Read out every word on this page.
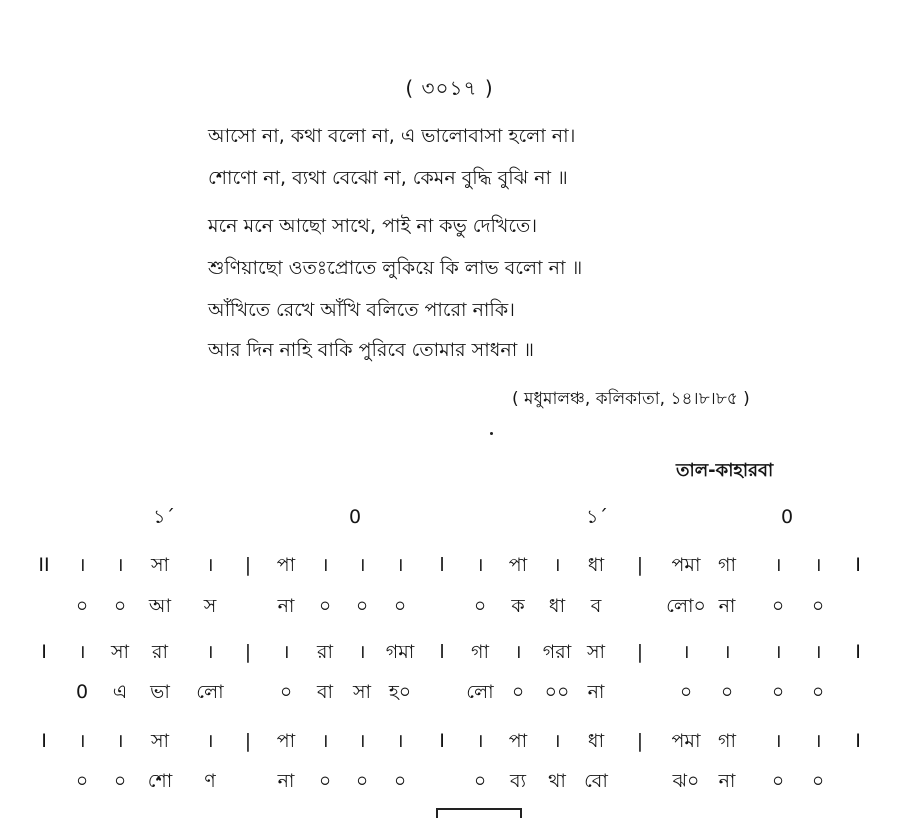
( ৩০১৭ )
আসো না, কথা বলো না, এ ভালোবাসা হলো না।
শোণো না, ব্যথা বেঝো না, কেমন বুদ্ধি বুঝি না ॥
মনে মনে আছো সাথে, পাই না কভু দেখিতে।
শুণিয়াছো ওতঃপ্রোতে লুকিয়ে কি লাভ বলো না ॥
আঁখিতে রেখে আঁখি বলিতে পারো নাকি।
আর দিন নাহি বাকি পুরিবে তোমার সাধনা ॥
( মধুমালঞ্চ, কলিকাতা, ১৪।৮।৮৫ )
তাল-কাহারবা
১´	0	১´	0
II । । সা । | পা । । । l । পা । ধা | পমা গা । । I
০ ০ আ স	না ০ ০ ০	০ ক ধা ব	লো০ না ০ ০
I । সা রা । | । রা । গমা l গা । গরা সা | । । । । I
0 এ ভা লো	০ বা সা হ০	লো ০ ০০ না	০ ০ ০ ০
I । । সা । | পা । । । I । পা । ধা | পমা গা । । I
০ ০ শো ণ	না ০ ০ ০	০ ব্য থা বো	ঝ০ না ০ ০
